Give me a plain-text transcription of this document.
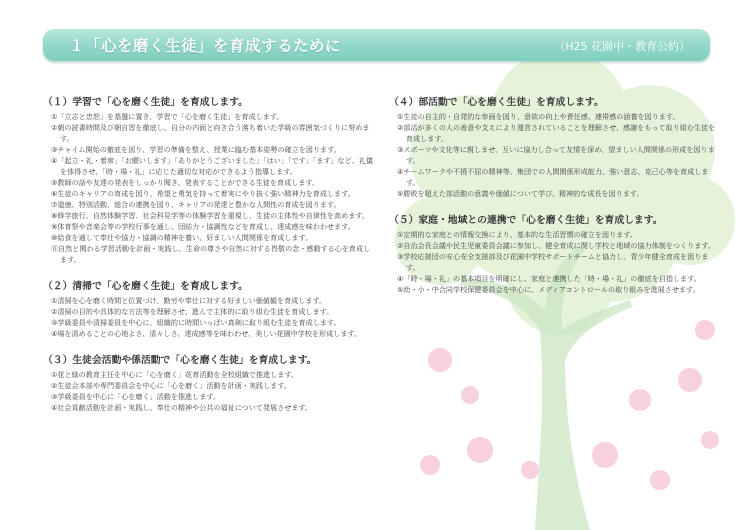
１「心を磨く生徒」を育成するために	（H25 花園中・教育公約）
（１）学習で「心を磨く生徒」を育成します。
①「立志と忠恕」を基盤に置き、学習で「心を磨く生徒」を育成します。
②朝の読書時間及び朝自習を徹底し、自分の内面と向き合う落ち着いた学級の雰囲気づくりに努めます。
③チャイム開始の徹底を図り、学習の準備を整え、授業に臨む基本姿勢の確立を図ります。
④「起立・礼・着席」「お願いします」「ありがとうございました」「はい」「です」「ます」など、礼儀を体得させ、「時・場・礼」に応じた適切な対応ができるよう指導します。
⑤教師の話や友達の発表をしっかり聞き、発表することができる生徒を育成します。
⑥生徒のキャリアの育成を図り、希望と勇気を持って着実にやり抜く強い精神力を育成します。
⑦道徳、特別活動、総合の連携を図り、キャリアの発達と豊かな人間性の育成を図ります。
⑧修学旅行、自然体験学習、社会科見学等の体験学習を重視し、生徒の主体性や自律性を高めます。
⑨体育祭や音楽会等の学校行事を通し、団結力・協調性などを育成し、達成感を味わわせます。
⑩給食を通して奉仕や協力・協調の精神を養い、好ましい人間関係を育成します。
⑪自然と関わる学習活動を計画・実践し、生命の尊さや自然に対する畏敬の念・感動する心を育成します。
（２）清掃で「心を磨く生徒」を育成します。
①清掃を心を磨く時間と位置づけ、勤労や奉仕に対する好ましい価値観を育成します。
②清掃の目的や具体的な方法等を理解させ、進んで主体的に取り組む生徒を育成します。
③学級委員や清掃委員を中心に、組織的に時間いっぱい真剣に取り組む生徒を育成します。
④場を清めることの心地よさ、清々しさ、達成感等を味わわせ、美しい花園中学校を形成します。
（３）生徒会活動や係活動で「心を磨く生徒」を育成します。
①花と緑の教育主任を中心に「心を磨く」花育活動を全校組織で推進します。
②生徒会本部や専門委員会を中心に「心を磨く」活動を計画・実践します。
③学級委員を中心に「心を磨く」活動を推進します。
④社会貢献活動を計画・実践し、奉仕の精神や公共の福祉について発展させます。
（４）部活動で「心を磨く生徒」を育成します。
①生徒の自主的・自発的な参画を図り、意欲の向上や責任感、連帯感の涵養を図ります。
②部活が多くの人の善意や支えにより運営されていることを理解させ、感謝をもって取り組む生徒を育成します。
③スポーツや文化等に親しませ、互いに協力し合って友情を深め、望ましい人間関係の形成を図ります。
④チームワークや不撓不屈の精神等、集団での人間関係形成能力、強い意志、克己心等を育成します。
⑤勝敗を超えた部活動の意義や価値について学び、精神的な成長を図ります。
（５）家庭・地域との連携で「心を磨く生徒」を育成します。
①定期的な家庭との情報交換により、基本的な生活習慣の確立を図ります。
②自治会長会議や民生児童委員会議に参加し、健全育成に関し学校と地域の協力体制をつくります。
③学校応援団の安心安全支援部及び花園中学校サポートチームと協力し、青少年健全育成を図ります。
④「時・場・礼」の基本項目を明確にし、家庭と連携した「時・場・礼」の徹底を目指します。
⑤幼・小・中合同学校保健委員会を中心に、メディアコントロールの取り組みを進展させます。
